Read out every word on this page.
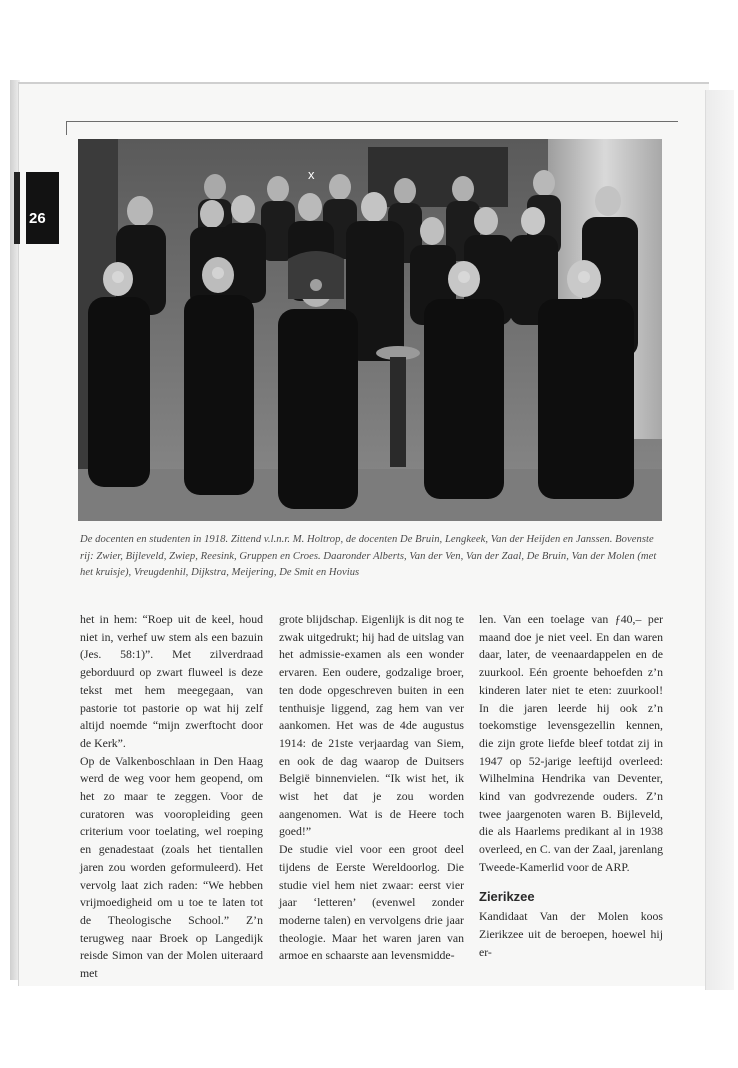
26
x

De docenten en studenten in 1918. Zittend v.l.n.r. M. Holtrop, de docenten De Bruin, Lengkeek, Van der Heijden en Janssen. Bovenste rij: Zwier, Bijleveld, Zwiep, Reesink, Gruppen en Croes. Daaronder Alberts, Van der Ven, Van der Zaal, De Bruin, Van der Molen (met het kruisje), Vreugdenhil, Dijkstra, Meijering, De Smit en Hovius

het in hem: “Roep uit de keel, houd niet in, verhef uw stem als een bazuin (Jes. 58:1)”. Met zilverdraad geborduurd op zwart fluweel is deze tekst met hem meegegaan, van pastorie tot pastorie op wat hij zelf altijd noemde “mijn zwerftocht door de Kerk”.

Op de Valkenboschlaan in Den Haag werd de weg voor hem geopend, om het zo maar te zeggen. Voor de curatoren was vooropleiding geen criterium voor toelating, wel roeping en genadestaat (zoals het tientallen jaren zou worden geformuleerd). Het vervolg laat zich raden: “We hebben vrijmoedigheid om u toe te laten tot de Theologische School.” Z’n terugweg naar Broek op Langedijk reisde Simon van der Molen uiteraard met

grote blijdschap. Eigenlijk is dit nog te zwak uitgedrukt; hij had de uitslag van het admissie-examen als een wonder ervaren. Een oudere, godzalige broer, ten dode opgeschreven buiten in een tenthuisje liggend, zag hem van ver aankomen. Het was de 4de augustus 1914: de 21ste verjaardag van Siem, en ook de dag waarop de Duitsers België binnenvielen. “Ik wist het, ik wist het dat je zou worden aangenomen. Wat is de Heere toch goed!”

De studie viel voor een groot deel tijdens de Eerste Wereldoorlog. Die studie viel hem niet zwaar: eerst vier jaar ‘letteren’ (evenwel zonder moderne talen) en vervolgens drie jaar theologie. Maar het waren jaren van armoe en schaarste aan levensmidde-

len. Van een toelage van ƒ40,– per maand doe je niet veel. En dan waren daar, later, de veenaardappelen en de zuurkool. Eén groente behoefden z’n kinderen later niet te eten: zuurkool! In die jaren leerde hij ook z’n toekomstige levensgezellin kennen, die zijn grote liefde bleef totdat zij in 1947 op 52-jarige leeftijd overleed: Wilhelmina Hendrika van Deventer, kind van godvrezende ouders. Z’n twee jaargenoten waren B. Bijleveld, die als Haarlems predikant al in 1938 overleed, en C. van der Zaal, jarenlang Tweede-Kamerlid voor de ARP.

Zierikzee

Kandidaat Van der Molen koos Zierikzee uit de beroepen, hoewel hij er-
